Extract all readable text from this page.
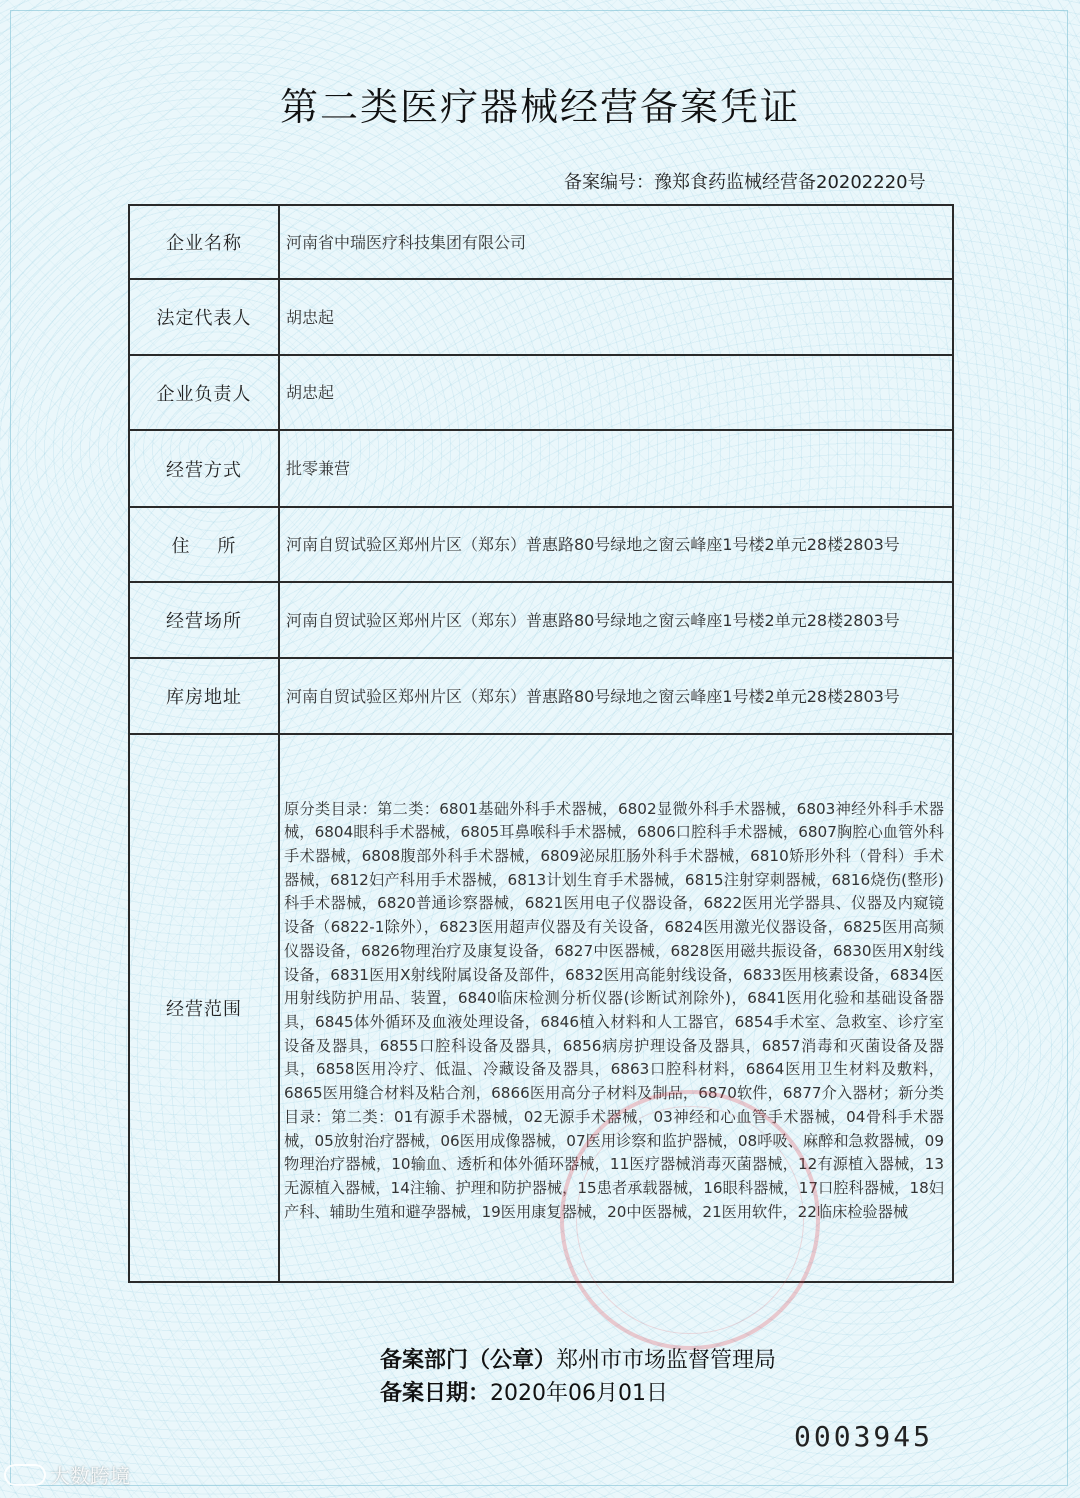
第二类医疗器械经营备案凭证
备案编号：豫郑食药监械经营备20202220号
企业名称	河南省中瑞医疗科技集团有限公司
法定代表人	胡忠起
企业负责人	胡忠起
经营方式	批零兼营
住    所	河南自贸试验区郑州片区（郑东）普惠路80号绿地之窗云峰座1号楼2单元28楼2803号
经营场所	河南自贸试验区郑州片区（郑东）普惠路80号绿地之窗云峰座1号楼2单元28楼2803号
库房地址	河南自贸试验区郑州片区（郑东）普惠路80号绿地之窗云峰座1号楼2单元28楼2803号
经营范围	原分类目录：第二类：6801基础外科手术器械，6802显微外科手术器械，6803神经外科手术器械，6804眼科手术器械，6805耳鼻喉科手术器械，6806口腔科手术器械，6807胸腔心血管外科手术器械，6808腹部外科手术器械，6809泌尿肛肠外科手术器械，6810矫形外科（骨科）手术器械，6812妇产科用手术器械，6813计划生育手术器械，6815注射穿刺器械，6816烧伤(整形)科手术器械，6820普通诊察器械，6821医用电子仪器设备，6822医用光学器具、仪器及内窥镜设备（6822-1除外），6823医用超声仪器及有关设备，6824医用激光仪器设备，6825医用高频仪器设备，6826物理治疗及康复设备，6827中医器械，6828医用磁共振设备，6830医用X射线设备，6831医用X射线附属设备及部件，6832医用高能射线设备，6833医用核素设备，6834医用射线防护用品、装置，6840临床检测分析仪器(诊断试剂除外)，6841医用化验和基础设备器具，6845体外循环及血液处理设备，6846植入材料和人工器官，6854手术室、急救室、诊疗室设备及器具，6855口腔科设备及器具，6856病房护理设备及器具，6857消毒和灭菌设备及器具，6858医用冷疗、低温、冷藏设备及器具，6863口腔科材料，6864医用卫生材料及敷料，6865医用缝合材料及粘合剂，6866医用高分子材料及制品，6870软件，6877介入器材；新分类目录：第二类：01有源手术器械，02无源手术器械，03神经和心血管手术器械，04骨科手术器械，05放射治疗器械，06医用成像器械，07医用诊察和监护器械，08呼吸、麻醉和急救器械，09物理治疗器械，10输血、透析和体外循环器械，11医疗器械消毒灭菌器械，12有源植入器械，13无源植入器械，14注输、护理和防护器械，15患者承载器械，16眼科器械，17口腔科器械，18妇产科、辅助生殖和避孕器械，19医用康复器械，20中医器械，21医用软件，22临床检验器械
备案部门（公章）郑州市市场监督管理局
备案日期：2020年06月01日
0003945
大数跨境
